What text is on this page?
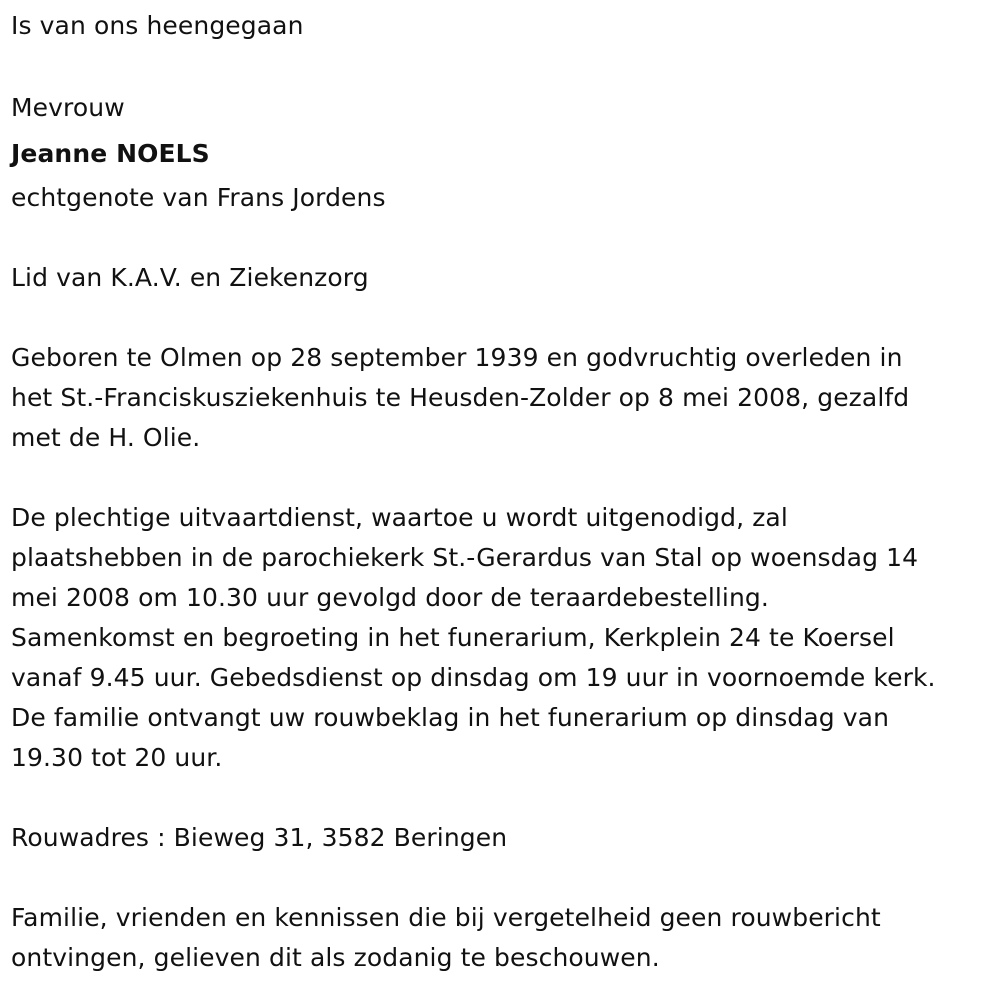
Is van ons heengegaan
Mevrouw
Jeanne NOELS
echtgenote van Frans Jordens
Lid van K.A.V. en Ziekenzorg
Geboren te Olmen op 28 september 1939 en godvruchtig overleden in
het St.-Franciskusziekenhuis te Heusden-Zolder op 8 mei 2008, gezalfd
met de H. Olie.
De plechtige uitvaartdienst, waartoe u wordt uitgenodigd, zal
plaatshebben in de parochiekerk St.-Gerardus van Stal op woensdag 14
mei 2008 om 10.30 uur gevolgd door de teraardebestelling.
Samenkomst en begroeting in het funerarium, Kerkplein 24 te Koersel
vanaf 9.45 uur. Gebedsdienst op dinsdag om 19 uur in voornoemde kerk.
De familie ontvangt uw rouwbeklag in het funerarium op dinsdag van
19.30 tot 20 uur.
Rouwadres : Bieweg 31, 3582 Beringen
Familie, vrienden en kennissen die bij vergetelheid geen rouwbericht
ontvingen, gelieven dit als zodanig te beschouwen.
